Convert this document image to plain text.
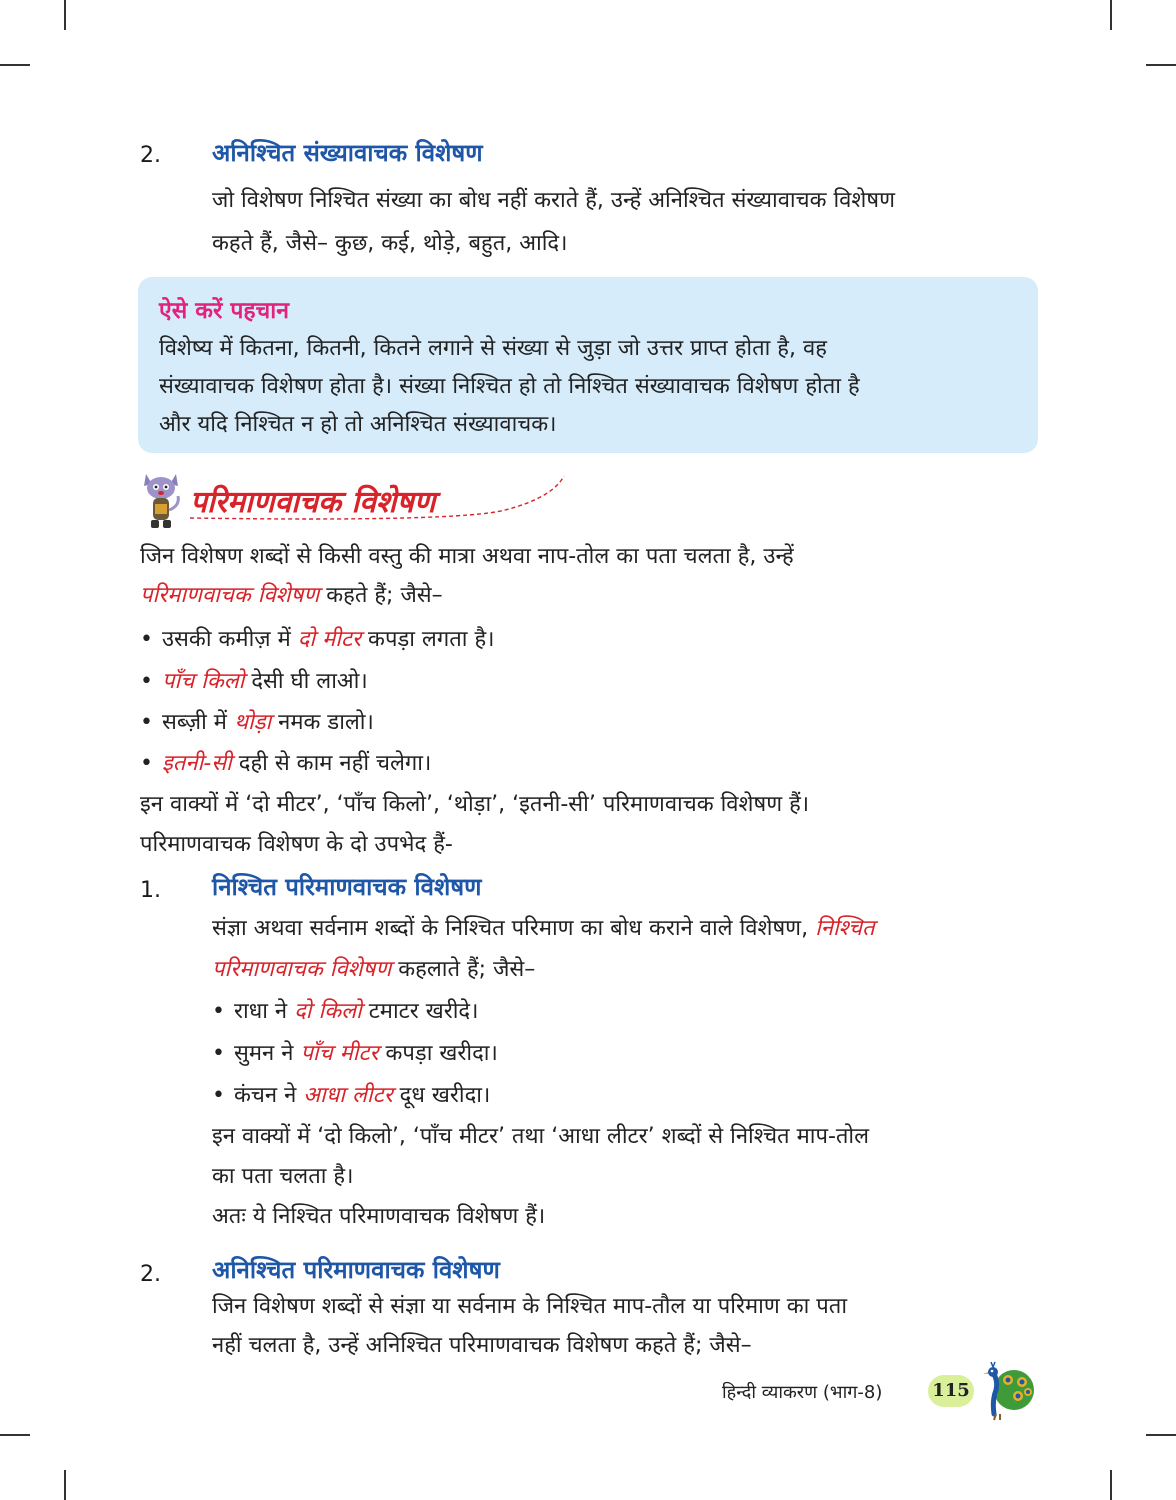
2. अनिश्चित संख्यावाचक विशेषण
जो विशेषण निश्चित संख्या का बोध नहीं कराते हैं, उन्हें अनिश्चित संख्यावाचक विशेषण
कहते हैं, जैसे– कुछ, कई, थोड़े, बहुत, आदि।
ऐसे करें पहचान
विशेष्य में कितना, कितनी, कितने लगाने से संख्या से जुड़ा जो उत्तर प्राप्त होता है, वह
संख्यावाचक विशेषण होता है। संख्या निश्चित हो तो निश्चित संख्यावाचक विशेषण होता है
और यदि निश्चित न हो तो अनिश्चित संख्यावाचक।
परिमाणवाचक विशेषण
जिन विशेषण शब्दों से किसी वस्तु की मात्रा अथवा नाप-तोल का पता चलता है, उन्हें
परिमाणवाचक विशेषण कहते हैं; जैसे–
• उसकी कमीज़ में दो मीटर कपड़ा लगता है।
• पाँच किलो देसी घी लाओ।
• सब्ज़ी में थोड़ा नमक डालो।
• इतनी-सी दही से काम नहीं चलेगा।
इन वाक्यों में ‘दो मीटर’, ‘पाँच किलो’, ‘थोड़ा’, ‘इतनी-सी’ परिमाणवाचक विशेषण हैं।
परिमाणवाचक विशेषण के दो उपभेद हैं-
1. निश्चित परिमाणवाचक विशेषण
संज्ञा अथवा सर्वनाम शब्दों के निश्चित परिमाण का बोध कराने वाले विशेषण, निश्चित
परिमाणवाचक विशेषण कहलाते हैं; जैसे–
• राधा ने दो किलो टमाटर खरीदे।
• सुमन ने पाँच मीटर कपड़ा खरीदा।
• कंचन ने आधा लीटर दूध खरीदा।
इन वाक्यों में ‘दो किलो’, ‘पाँच मीटर’ तथा ‘आधा लीटर’ शब्दों से निश्चित माप-तोल
का पता चलता है।
अतः ये निश्चित परिमाणवाचक विशेषण हैं।
2. अनिश्चित परिमाणवाचक विशेषण
जिन विशेषण शब्दों से संज्ञा या सर्वनाम के निश्चित माप-तौल या परिमाण का पता
नहीं चलता है, उन्हें अनिश्चित परिमाणवाचक विशेषण कहते हैं; जैसे–
हिन्दी व्याकरण (भाग-8)	115
